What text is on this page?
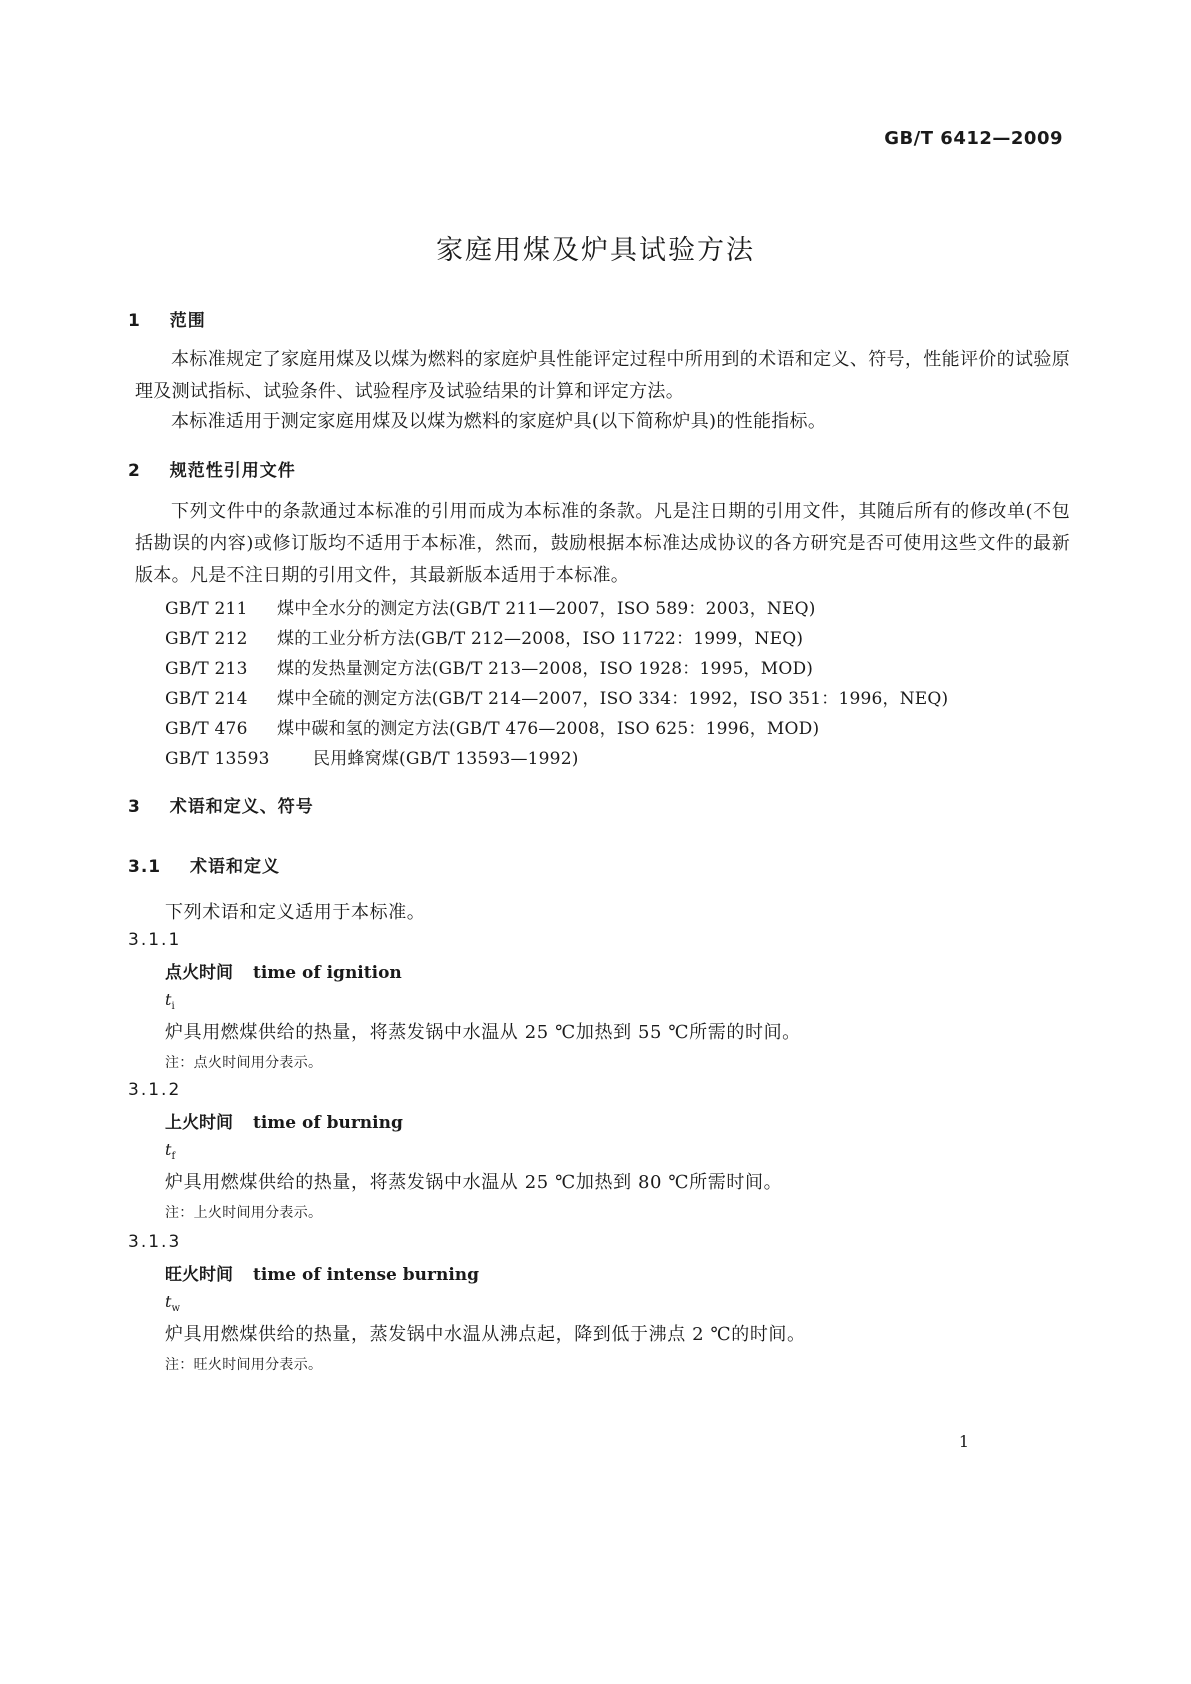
GB/T 6412—2009
家庭用煤及炉具试验方法
1 范围
本标准规定了家庭用煤及以煤为燃料的家庭炉具性能评定过程中所用到的术语和定义、符号，性能评价的试验原理及测试指标、试验条件、试验程序及试验结果的计算和评定方法。
本标准适用于测定家庭用煤及以煤为燃料的家庭炉具(以下简称炉具)的性能指标。
2 规范性引用文件
下列文件中的条款通过本标准的引用而成为本标准的条款。凡是注日期的引用文件，其随后所有的修改单(不包括勘误的内容)或修订版均不适用于本标准，然而，鼓励根据本标准达成协议的各方研究是否可使用这些文件的最新版本。凡是不注日期的引用文件，其最新版本适用于本标准。
GB/T 211 煤中全水分的测定方法(GB/T 211—2007，ISO 589：2003，NEQ)
GB/T 212 煤的工业分析方法(GB/T 212—2008，ISO 11722：1999，NEQ)
GB/T 213 煤的发热量测定方法(GB/T 213—2008，ISO 1928：1995，MOD)
GB/T 214 煤中全硫的测定方法(GB/T 214—2007，ISO 334：1992，ISO 351：1996，NEQ)
GB/T 476 煤中碳和氢的测定方法(GB/T 476—2008，ISO 625：1996，MOD)
GB/T 13593	民用蜂窝煤(GB/T 13593—1992)
3 术语和定义、符号
3.1 术语和定义
下列术语和定义适用于本标准。
3.1.1
点火时间 time of ignition
$t_i$
炉具用燃煤供给的热量，将蒸发锅中水温从 25 ℃加热到 55 ℃所需的时间。
注：点火时间用分表示。
3.1.2
上火时间 time of burning
$t_f$
炉具用燃煤供给的热量，将蒸发锅中水温从 25 ℃加热到 80 ℃所需时间。
注：上火时间用分表示。
3.1.3
旺火时间 time of intense burning
$t_w$
炉具用燃煤供给的热量，蒸发锅中水温从沸点起，降到低于沸点 2 ℃的时间。
注：旺火时间用分表示。
1
